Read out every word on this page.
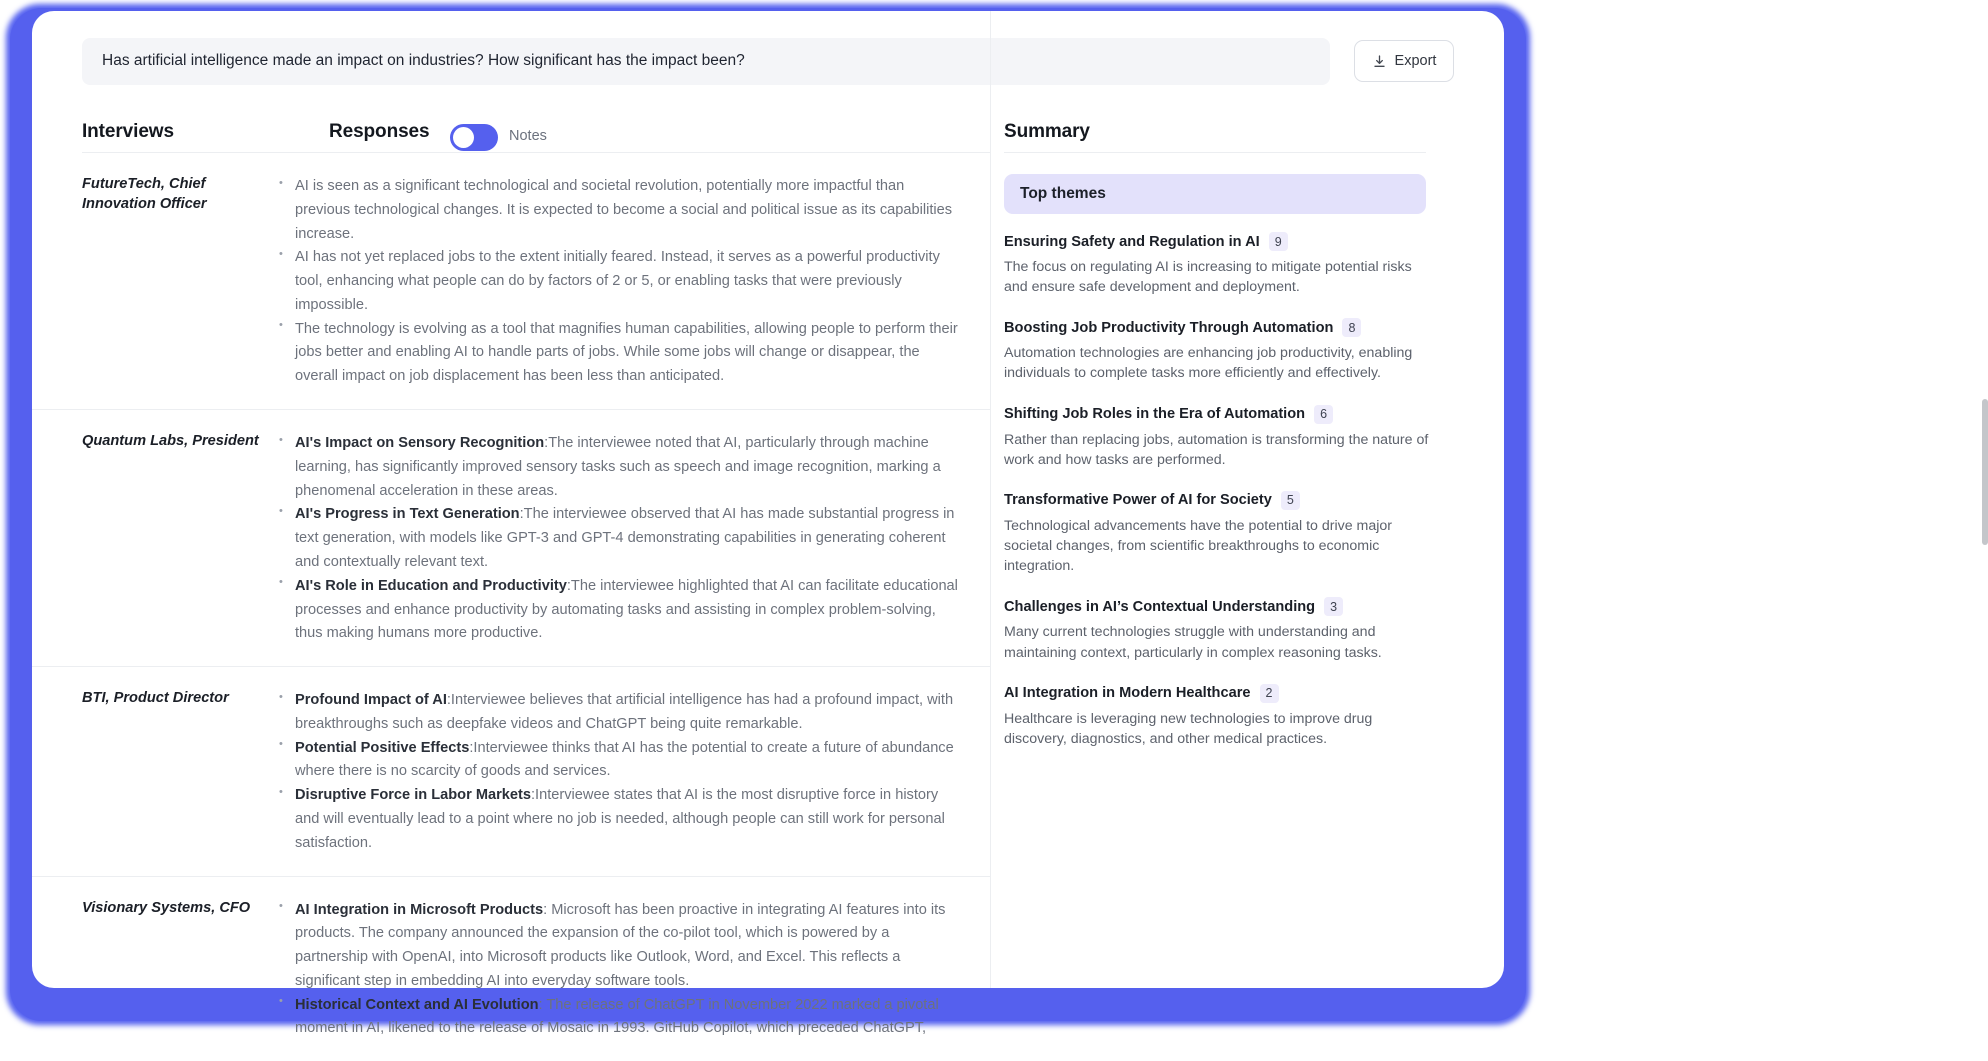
Has artificial intelligence made an impact on industries? How significant has the impact been?	Export
Interviews	Responses	Notes	Summary
FutureTech, Chief Innovation Officer
• AI is seen as a significant technological and societal revolution, potentially more impactful than previous technological changes. It is expected to become a social and political issue as its capabilities increase.
• AI has not yet replaced jobs to the extent initially feared. Instead, it serves as a powerful productivity tool, enhancing what people can do by factors of 2 or 5, or enabling tasks that were previously impossible.
• The technology is evolving as a tool that magnifies human capabilities, allowing people to perform their jobs better and enabling AI to handle parts of jobs. While some jobs will change or disappear, the overall impact on job displacement has been less than anticipated.
Quantum Labs, President	• AI's Impact on Sensory Recognition:The interviewee noted that AI, particularly through machine learning, has significantly improved sensory tasks such as speech and image recognition, marking a phenomenal acceleration in these areas.
• AI's Progress in Text Generation:The interviewee observed that AI has made substantial progress in text generation, with models like GPT-3 and GPT-4 demonstrating capabilities in generating coherent and contextually relevant text.
• AI's Role in Education and Productivity:The interviewee highlighted that AI can facilitate educational processes and enhance productivity by automating tasks and assisting in complex problem-solving, thus making humans more productive.
BTI, Product Director	• Profound Impact of AI:Interviewee believes that artificial intelligence has had a profound impact, with breakthroughs such as deepfake videos and ChatGPT being quite remarkable.
• Potential Positive Effects:Interviewee thinks that AI has the potential to create a future of abundance where there is no scarcity of goods and services.
• Disruptive Force in Labor Markets:Interviewee states that AI is the most disruptive force in history and will eventually lead to a point where no job is needed, although people can still work for personal satisfaction.
Visionary Systems, CFO	• AI Integration in Microsoft Products: Microsoft has been proactive in integrating AI features into its products. The company announced the expansion of the co-pilot tool, which is powered by a partnership with OpenAI, into Microsoft products like Outlook, Word, and Excel. This reflects a significant step in embedding AI into everyday software tools.
• Historical Context and AI Evolution: The release of ChatGPT in November 2022 marked a pivotal moment in AI, likened to the release of Mosaic in 1993. GitHub Copilot, which preceded ChatGPT,
Top themes
Ensuring Safety and Regulation in AI	9
The focus on regulating AI is increasing to mitigate potential risks and ensure safe development and deployment.
Boosting Job Productivity Through Automation	8
Automation technologies are enhancing job productivity, enabling individuals to complete tasks more efficiently and effectively.
Shifting Job Roles in the Era of Automation	6
Rather than replacing jobs, automation is transforming the nature of work and how tasks are performed.
Transformative Power of AI for Society	5
Technological advancements have the potential to drive major societal changes, from scientific breakthroughs to economic integration.
Challenges in AI’s Contextual Understanding	3
Many current technologies struggle with understanding and maintaining context, particularly in complex reasoning tasks.
AI Integration in Modern Healthcare	2
Healthcare is leveraging new technologies to improve drug discovery, diagnostics, and other medical practices.
